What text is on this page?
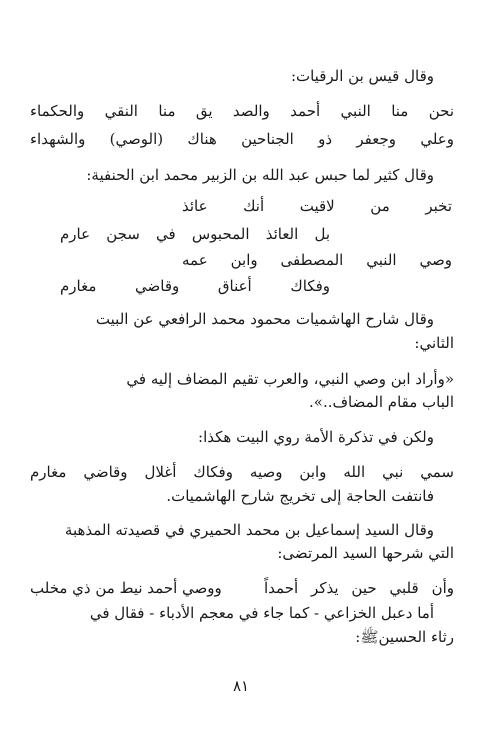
وقال قيس بن الرقيات:

نحن منا النبي أحمد والصد يق منا النقي والحكماء

وعلي وجعفر ذو الجناحين هناك (الوصي) والشهداء

وقال كثير لما حبس عبد الله بن الزبير محمد ابن الحنفية:

تخبر من لاقيت أنك عائذ

بل العائذ المحبوس في سجن عارم

وصي النبي المصطفى وابن عمه

وفكاك أعناق وقاضي مغارم

وقال شارح الهاشميات محمود محمد الرافعي عن البيت

الثاني:

«وأراد ابن وصي النبي، والعرب تقيم المضاف إليه في

الباب مقام المضاف..».

ولكن في تذكرة الأمة روي البيت هكذا:

سمي نبي الله وابن وصيه وفكاك أغلال وقاضي مغارم

فانتفت الحاجة إلى تخريج شارح الهاشميات.

وقال السيد إسماعيل بن محمد الحميري في قصيدته المذهبة

التي شرحها السيد المرتضى:

وأن قلبي حين يذكر أحمداً

ووصي أحمد نيط من ذي مخلب

أما دعبل الخزاعي - كما جاء في معجم الأدباء - فقال في

رثاء الحسينﷺ:

٨١
